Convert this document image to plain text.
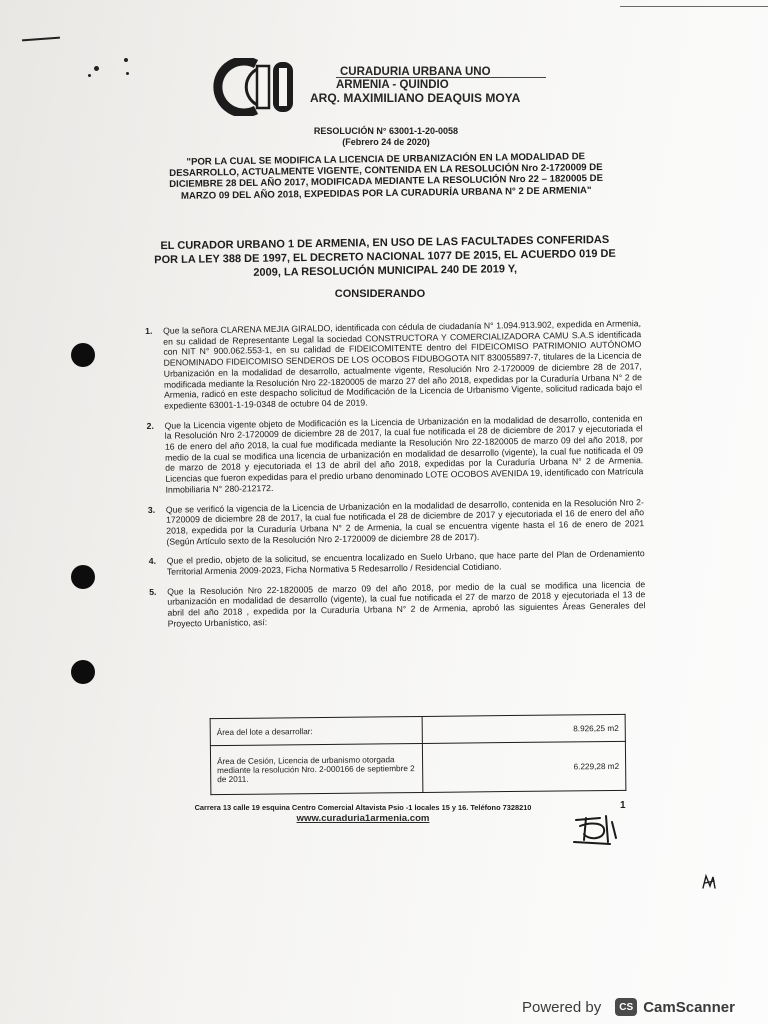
CURADURIA URBANA UNO
ARMENIA - QUINDIO
ARQ. MAXIMILIANO DEAQUIS MOYA
RESOLUCIÓN N° 63001-1-20-0058
(Febrero 24 de 2020)
"POR LA CUAL SE MODIFICA LA LICENCIA DE URBANIZACIÓN EN LA MODALIDAD DE DESARROLLO, ACTUALMENTE VIGENTE, CONTENIDA EN LA RESOLUCIÓN Nro 2-1720009 DE DICIEMBRE 28 DEL AÑO 2017, MODIFICADA MEDIANTE LA RESOLUCIÓN Nro 22 – 1820005 DE MARZO 09 DEL AÑO 2018, EXPEDIDAS POR LA CURADURÍA URBANA N° 2 DE ARMENIA"
EL CURADOR URBANO 1 DE ARMENIA, EN USO DE LAS FACULTADES CONFERIDAS POR LA LEY 388 DE 1997, EL DECRETO NACIONAL 1077 DE 2015, EL ACUERDO 019 DE 2009, LA RESOLUCIÓN MUNICIPAL 240 DE 2019 Y,
CONSIDERANDO
1.	Que la señora CLARENA MEJIA GIRALDO, identificada con cédula de ciudadanía N° 1.094.913.902, expedida en Armenia, en su calidad de Representante Legal la sociedad CONSTRUCTORA Y COMERCIALIZADORA CAMU S.A.S identificada con NIT N° 900.062.553-1, en su calidad de FIDEICOMITENTE dentro del FIDEICOMISO PATRIMONIO AUTÓNOMO DENOMINADO FIDEICOMISO SENDEROS DE LOS OCOBOS FIDUBOGOTA NIT 830055897-7, titulares de la Licencia de Urbanización en la modalidad de desarrollo, actualmente vigente, Resolución Nro 2-1720009 de diciembre 28 de 2017, modificada mediante la Resolución Nro 22-1820005 de marzo 27 del año 2018, expedidas por la Curaduría Urbana N° 2 de Armenia, radicó en este despacho solicitud de Modificación de la Licencia de Urbanismo Vigente, solicitud radicada bajo el expediente 63001-1-19-0348 de octubre 04 de 2019.
2.	Que la Licencia vigente objeto de Modificación es la Licencia de Urbanización en la modalidad de desarrollo, contenida en la Resolución Nro 2-1720009 de diciembre 28 de 2017, la cual fue notificada el 28 de diciembre de 2017 y ejecutoriada el 16 de enero del año 2018, la cual fue modificada mediante la Resolución Nro 22-1820005 de marzo 09 del año 2018, por medio de la cual se modifica una licencia de urbanización en modalidad de desarrollo (vigente), la cual fue notificada el 09 de marzo de 2018 y ejecutoriada el 13 de abril del año 2018, expedidas por la Curaduría Urbana N° 2 de Armenia. Licencias que fueron expedidas para el predio urbano denominado LOTE OCOBOS AVENIDA 19, identificado con Matrícula Inmobiliaria N° 280-212172.
3.	Que se verificó la vigencia de la Licencia de Urbanización en la modalidad de desarrollo, contenida en la Resolución Nro 2-1720009 de diciembre 28 de 2017, la cual fue notificada el 28 de diciembre de 2017 y ejecutoriada el 16 de enero del año 2018, expedida por la Curaduría Urbana N° 2 de Armenia, la cual se encuentra vigente hasta el 16 de enero de 2021 (Según Artículo sexto de la Resolución Nro 2-1720009 de diciembre 28 de 2017).
4.	Que el predio, objeto de la solicitud, se encuentra localizado en Suelo Urbano, que hace parte del Plan de Ordenamiento Territorial Armenia 2009-2023, Ficha Normativa 5 Redesarrollo / Residencial Cotidiano.
5.	Que la Resolución Nro 22-1820005 de marzo 09 del año 2018, por medio de la cual se modifica una licencia de urbanización en modalidad de desarrollo (vigente), la cual fue notificada el 27 de marzo de 2018 y ejecutoriada el 13 de abril del año 2018 , expedida por la Curaduría Urbana N° 2 de Armenia, aprobó las siguientes Áreas Generales del Proyecto Urbanístico, así:
Área del lote a desarrollar:	8.926,25 m2
Área de Cesión, Licencia de urbanismo otorgada mediante la resolución Nro. 2-000166 de septiembre 2 de 2011.	6.229,28 m2
Carrera 13 calle 19 esquina Centro Comercial Altavista Psio -1 locales 15 y 16. Teléfono 7328210
www.curaduria1armenia.com
1
Powered by	CS CamScanner
